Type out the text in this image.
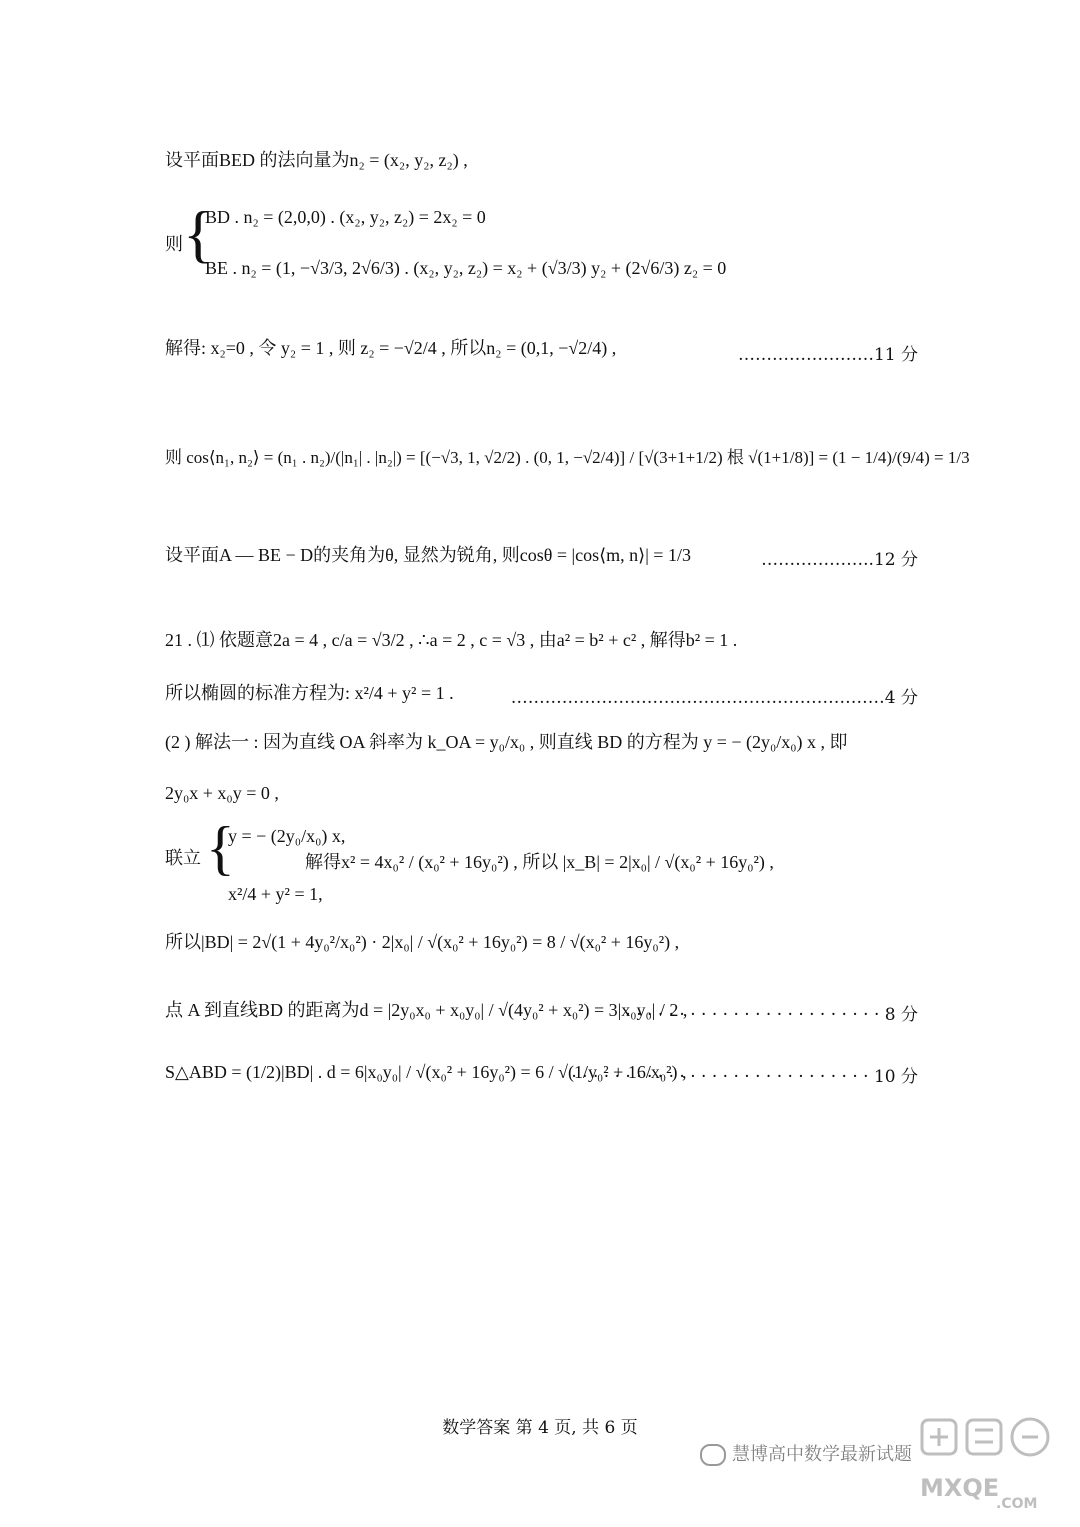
设平面BED 的法向量为n₂ = (x₂, y₂, z₂) ,
{
则
BD . n₂ = (2,0,0) . (x₂, y₂, z₂) = 2x₂ = 0
BE . n₂ = (1, −√3/3, 2√6/3) . (x₂, y₂, z₂) = x₂ + (√3/3) y₂ + (2√6/3) z₂ = 0
解得: x₂=0 , 令 y₂ = 1 , 则 z₂ = −√2/4 , 所以n₂ = (0,1, −√2/4) ,	……………………11 分
则 cos⟨n₁, n₂⟩ = (n₁ . n₂)/(|n₁| . |n₂|) = [(−√3, 1, √2/2) . (0, 1, −√2/4)] / [√(3+1+1/2) 根 √(1+1/8)] = (1 − 1/4)/(9/4) = 1/3
设平面A — BE − D的夹角为θ, 显然为锐角, 则cosθ = |cos⟨m, n⟩| = 1/3	………………..12 分
21 . ⑴ 依题意2a = 4 , c/a = √3/2 , ∴a = 2 , c = √3 , 由a² = b² + c² , 解得b² = 1 .
所以椭圆的标准方程为: x²/4 + y² = 1 .	…………………………………………………………4 分
(2 ) 解法一 : 因为直线 OA 斜率为 k_OA = y₀/x₀ , 则直线 BD 的方程为 y = − (2y₀/x₀) x , 即
2y₀x + x₀y = 0 ,
{
联立
y = − (2y₀/x₀) x,
x²/4 + y² = 1,
解得x² = 4x₀² / (x₀² + 16y₀²) , 所以 |x_B| = 2|x₀| / √(x₀² + 16y₀²) ,
所以|BD| = 2√(1 + 4y₀²/x₀²) · 2|x₀| / √(x₀² + 16y₀²) = 8 / √(x₀² + 16y₀²) ,
点 A 到直线BD 的距离为d = |2y₀x₀ + x₀y₀| / √(4y₀² + x₀²) = 3|x₀y₀| / 2 ,
· · · · · · · · · · · · · · · · · · · · · · · · 8 分
S△ABD = (1/2)|BD| . d = 6|x₀y₀| / √(x₀² + 16y₀²) = 6 / √(1/y₀² + 16/x₀²) ,
· · · · · · · · · · · · · · · · · · · · · · · · · · · · 10 分
数学答案 第 4 页, 共 6 页
慧博高中数学最新试题
MXQE
.COM
